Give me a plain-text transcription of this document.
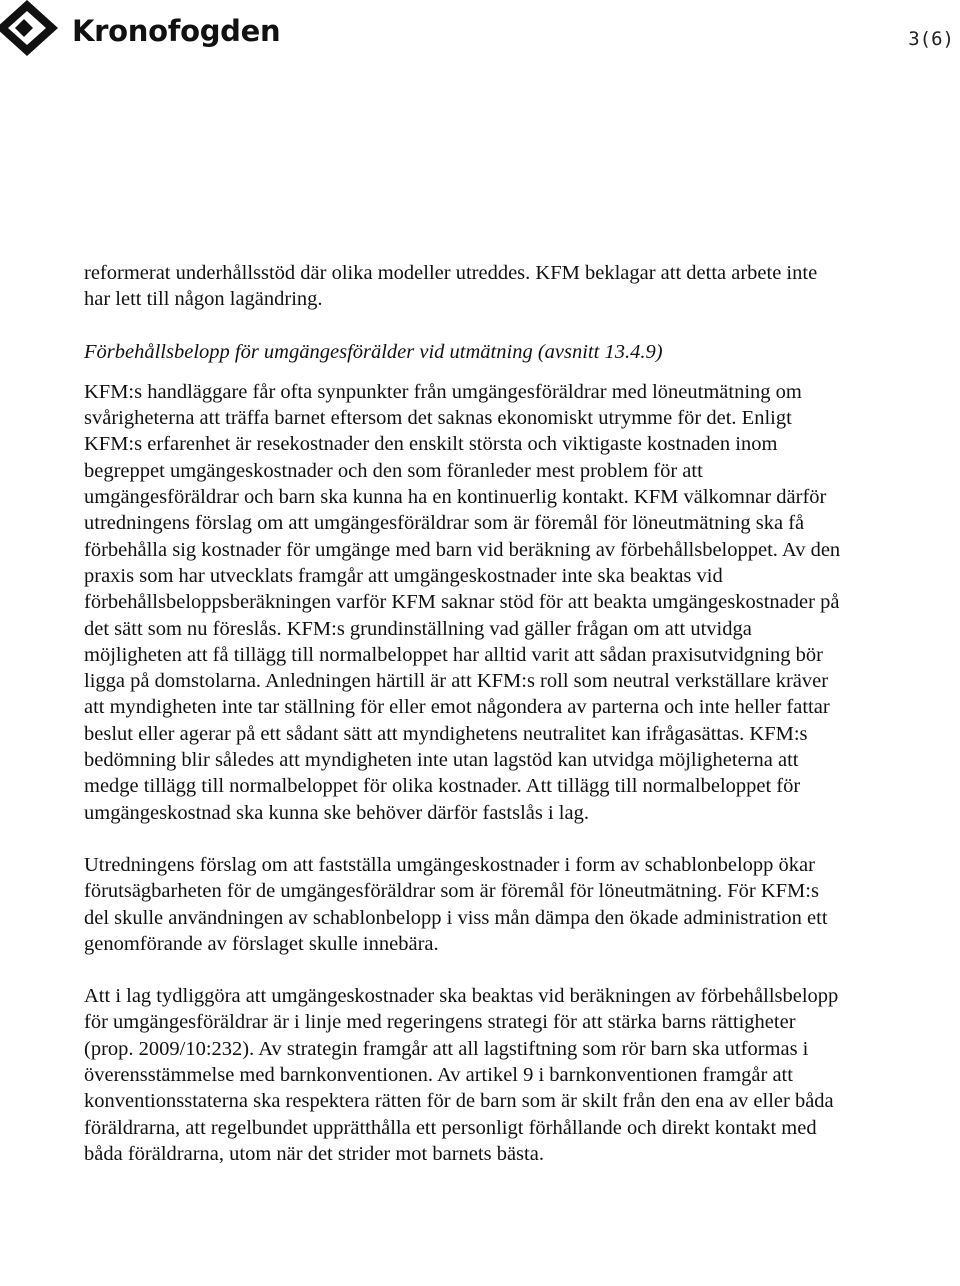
Kronofogden	3(6)

reformerat underhållsstöd där olika modeller utreddes. KFM beklagar att detta arbete inte har lett till någon lagändring.

Förbehållsbelopp för umgängesförälder vid utmätning (avsnitt 13.4.9)

KFM:s handläggare får ofta synpunkter från umgängesföräldrar med löneutmätning om svårigheterna att träffa barnet eftersom det saknas ekonomiskt utrymme för det. Enligt KFM:s erfarenhet är resekostnader den enskilt största och viktigaste kostnaden inom begreppet umgängeskostnader och den som föranleder mest problem för att umgängesföräldrar och barn ska kunna ha en kontinuerlig kontakt. KFM välkomnar därför utredningens förslag om att umgängesföräldrar som är föremål för löneutmätning ska få förbehålla sig kostnader för umgänge med barn vid beräkning av förbehållsbeloppet. Av den praxis som har utvecklats framgår att umgängeskostnader inte ska beaktas vid förbehållsbeloppsberäkningen varför KFM saknar stöd för att beakta umgängeskostnader på det sätt som nu föreslås. KFM:s grundinställning vad gäller frågan om att utvidga möjligheten att få tillägg till normalbeloppet har alltid varit att sådan praxisutvidgning bör ligga på domstolarna. Anledningen härtill är att KFM:s roll som neutral verkställare kräver att myndigheten inte tar ställning för eller emot någondera av parterna och inte heller fattar beslut eller agerar på ett sådant sätt att myndighetens neutralitet kan ifrågasättas. KFM:s bedömning blir således att myndigheten inte utan lagstöd kan utvidga möjligheterna att medge tillägg till normalbeloppet för olika kostnader. Att tillägg till normalbeloppet för umgängeskostnad ska kunna ske behöver därför fastslås i lag.

Utredningens förslag om att fastställa umgängeskostnader i form av schablonbelopp ökar förutsägbarheten för de umgängesföräldrar som är föremål för löneutmätning. För KFM:s del skulle användningen av schablonbelopp i viss mån dämpa den ökade administration ett genomförande av förslaget skulle innebära.

Att i lag tydliggöra att umgängeskostnader ska beaktas vid beräkningen av förbehållsbelopp för umgängesföräldrar är i linje med regeringens strategi för att stärka barns rättigheter (prop. 2009/10:232). Av strategin framgår att all lagstiftning som rör barn ska utformas i överensstämmelse med barnkonventionen. Av artikel 9 i barnkonventionen framgår att konventionsstaterna ska respektera rätten för de barn som är skilt från den ena av eller båda föräldrarna, att regelbundet upprätthålla ett personligt förhållande och direkt kontakt med båda föräldrarna, utom när det strider mot barnets bästa.
